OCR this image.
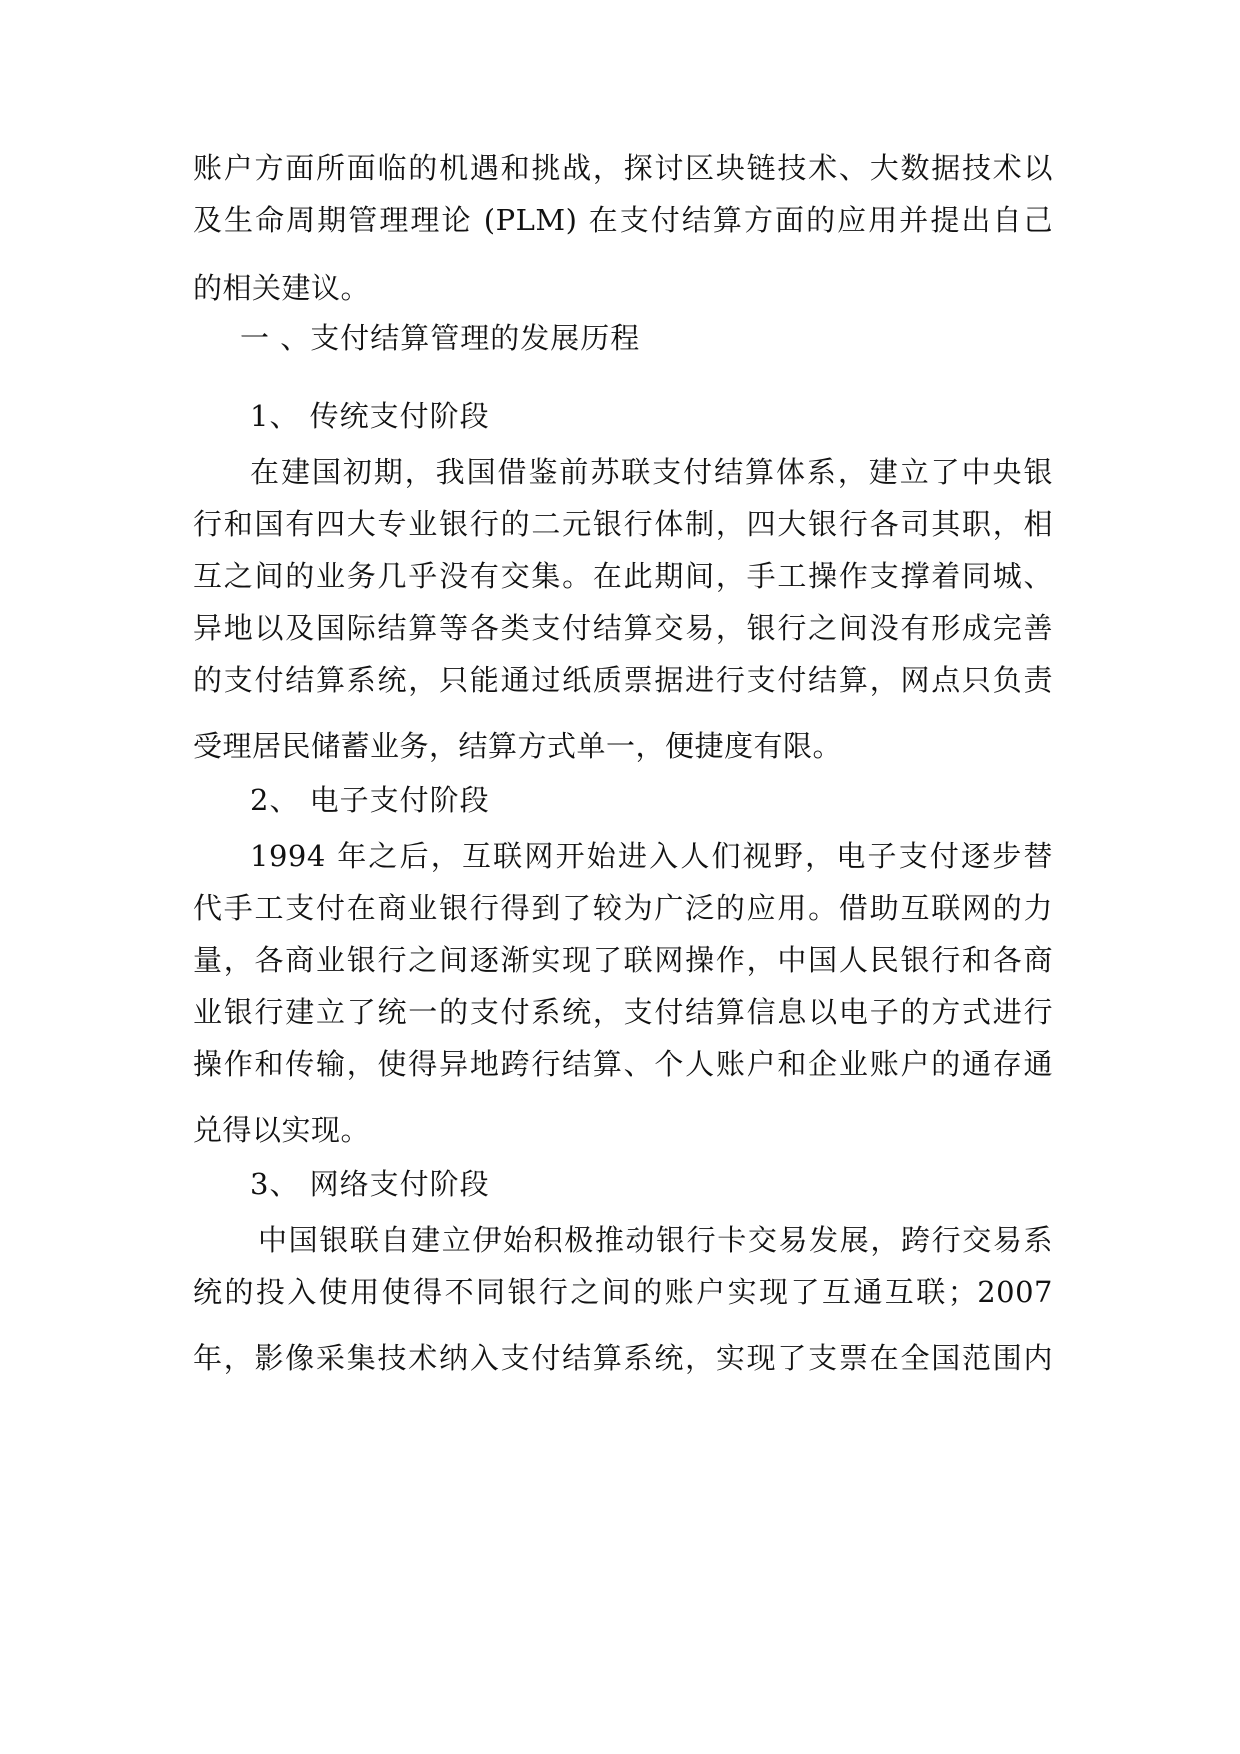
账户方面所面临的机遇和挑战，探讨区块链技术、大数据技术以
及生命周期管理理论 (PLM) 在支付结算方面的应用并提出自己
的相关建议。
一 、支付结算管理的发展历程
1、 传统支付阶段
在建国初期，我国借鉴前苏联支付结算体系，建立了中央银
行和国有四大专业银行的二元银行体制，四大银行各司其职，相
互之间的业务几乎没有交集。在此期间，手工操作支撑着同城、
异地以及国际结算等各类支付结算交易，银行之间没有形成完善
的支付结算系统，只能通过纸质票据进行支付结算，网点只负责
受理居民储蓄业务，结算方式单一，便捷度有限。
2、 电子支付阶段
1994 年之后，互联网开始进入人们视野，电子支付逐步替
代手工支付在商业银行得到了较为广泛的应用。借助互联网的力
量，各商业银行之间逐渐实现了联网操作，中国人民银行和各商
业银行建立了统一的支付系统，支付结算信息以电子的方式进行
操作和传输，使得异地跨行结算、个人账户和企业账户的通存通
兑得以实现。
3、 网络支付阶段
中国银联自建立伊始积极推动银行卡交易发展，跨行交易系
统的投入使用使得不同银行之间的账户实现了互通互联；2007
年，影像采集技术纳入支付结算系统，实现了支票在全国范围内
